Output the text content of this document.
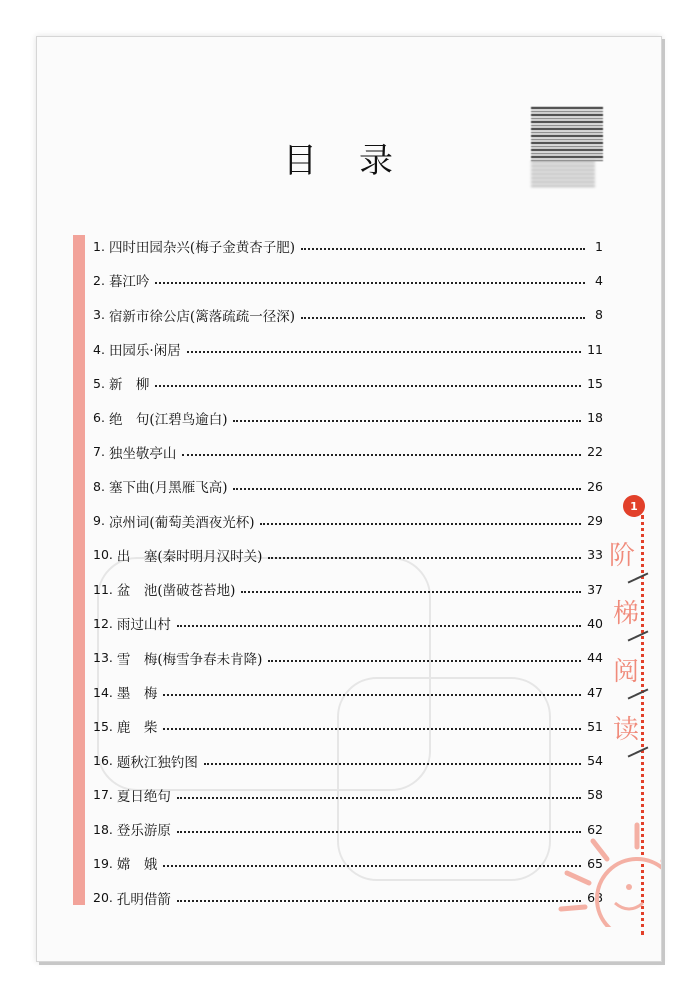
目 录
1. 四时田园杂兴(梅子金黄杏子肥)	1
2. 暮江吟	4
3. 宿新市徐公店(篱落疏疏一径深)	8
4. 田园乐·闲居	11
5. 新　柳	15
6. 绝　句(江碧鸟逾白)	18
7. 独坐敬亭山	22
8. 塞下曲(月黑雁飞高)	26
9. 凉州词(葡萄美酒夜光杯)	29
10. 出　塞(秦时明月汉时关)	33
11. 盆　池(凿破苍苔地)	37
12. 雨过山村	40
13. 雪　梅(梅雪争春未肯降)	44
14. 墨　梅	47
15. 鹿　柴	51
16. 题秋江独钓图	54
17. 夏日绝句	58
18. 登乐游原	62
19. 嫦　娥	65
20. 孔明借箭	68
1
阶
梯
阅
读
